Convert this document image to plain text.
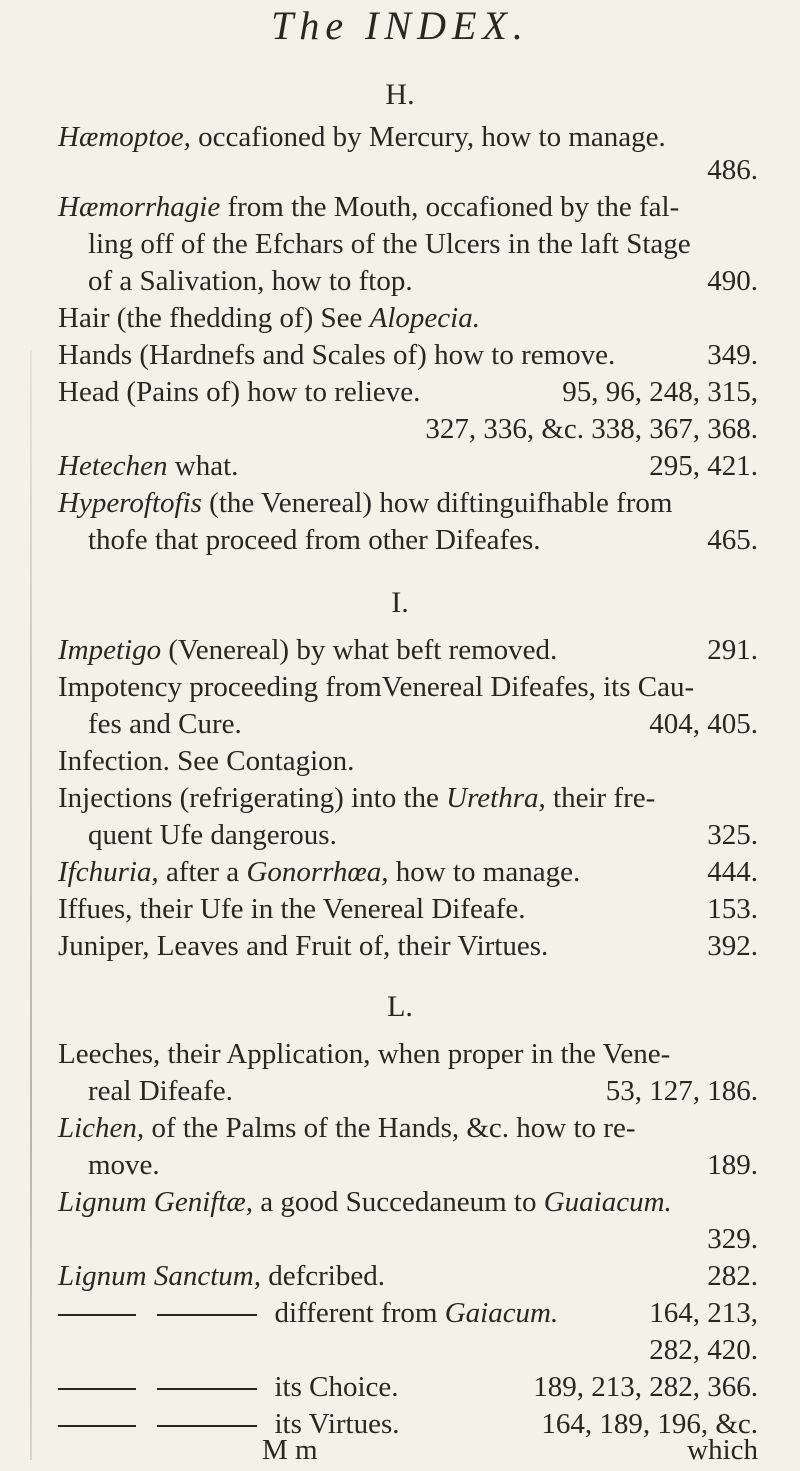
The INDEX.
H.
Hæmoptoe, occafioned by Mercury, how to manage.
486.
Hæmorrhagie from the Mouth, occafioned by the fal-
ling off of the Efchars of the Ulcers in the laft Stage
of a Salivation, how to ftop.	490.
Hair (the fhedding of) See Alopecia.
Hands (Hardnefs and Scales of) how to remove.	349.
Head (Pains of) how to relieve.	95, 96, 248, 315,
327, 336, &c. 338, 367, 368.
Hetechen what.	295, 421.
Hyperoftofis (the Venereal) how diftinguifhable from
thofe that proceed from other Difeafes.	465.
I.
Impetigo (Venereal) by what beft removed.	291.
Impotency proceeding fromVenereal Difeafes, its Cau-
fes and Cure.	404, 405.
Infection. See Contagion.
Injections (refrigerating) into the Urethra, their fre-
quent Ufe dangerous.	325.
Ifchuria, after a Gonorrhœa, how to manage.	444.
Iffues, their Ufe in the Venereal Difeafe.	153.
Juniper, Leaves and Fruit of, their Virtues.	392.
L.
Leeches, their Application, when proper in the Vene-
real Difeafe.	53, 127, 186.
Lichen, of the Palms of the Hands, &c. how to re-
move.	189.
Lignum Geniftæ, a good Succedaneum to Guaiacum.
329.
Lignum Sanctum, defcribed.	282.
different from Gaiacum.	164, 213,
282, 420.
its Choice.	189, 213, 282, 366.
its Virtues.	164, 189, 196, &c.
M m	which
